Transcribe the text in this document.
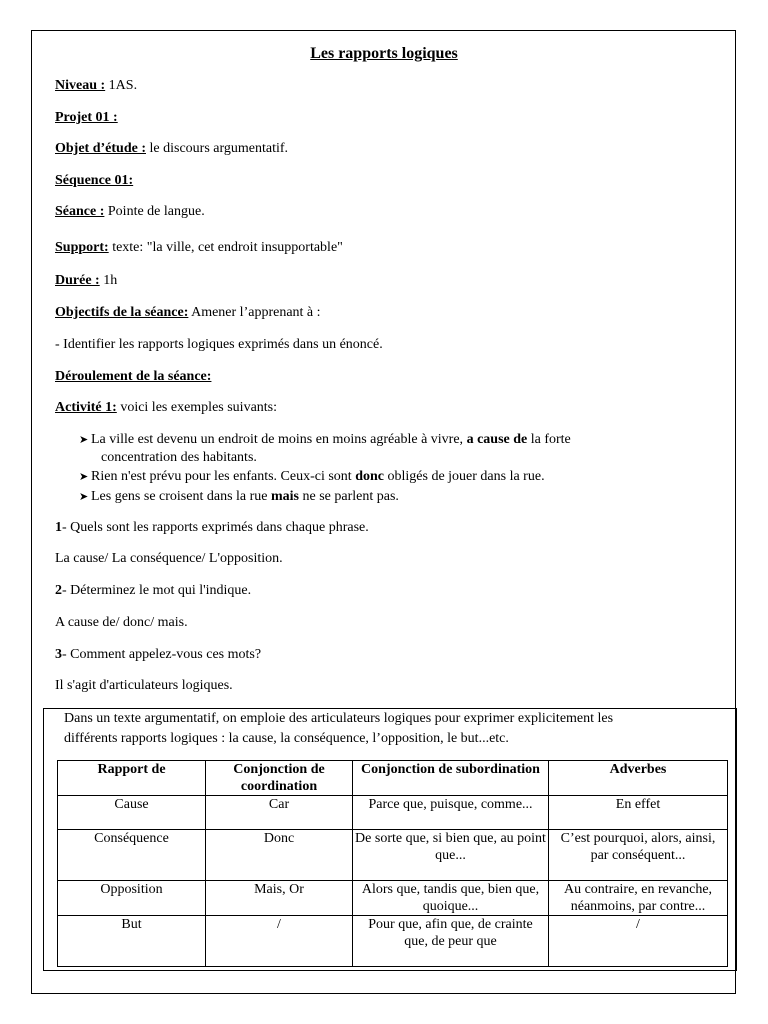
Les rapports logiques
Niveau : 1AS.
Projet 01 :
Objet d’étude : le discours argumentatif.
Séquence 01:
Séance : Pointe de langue.
Support: texte: "la ville, cet endroit insupportable"
Durée : 1h
Objectifs de la séance: Amener l’apprenant à :
- Identifier les rapports logiques exprimés dans un énoncé.
Déroulement de la séance:
Activité 1: voici les exemples suivants:
➤ La ville est devenu un endroit de moins en moins agréable à vivre, a cause de la forte
concentration des habitants.
➤ Rien n'est prévu pour les enfants. Ceux-ci sont donc obligés de jouer dans la rue.
➤ Les gens se croisent dans la rue mais ne se parlent pas.
1- Quels sont les rapports exprimés dans chaque phrase.
La cause/ La conséquence/ L'opposition.
2- Déterminez le mot qui l'indique.
A cause de/ donc/ mais.
3- Comment appelez-vous ces mots?
Il s'agit d'articulateurs logiques.
Dans un texte argumentatif, on emploie des articulateurs logiques pour exprimer explicitement les
différents rapports logiques : la cause, la conséquence, l’opposition, le but...etc.
Rapport de	Conjonction de coordination	Conjonction de subordination	Adverbes
Cause	Car	Parce que, puisque, comme...	En effet
Conséquence	Donc	De sorte que, si bien que, au point que...	C’est pourquoi, alors, ainsi, par conséquent...
Opposition	Mais, Or	Alors que, tandis que, bien que, quoique...	Au contraire, en revanche, néanmoins, par contre...
But	/	Pour que, afin que, de crainte que, de peur que	/
